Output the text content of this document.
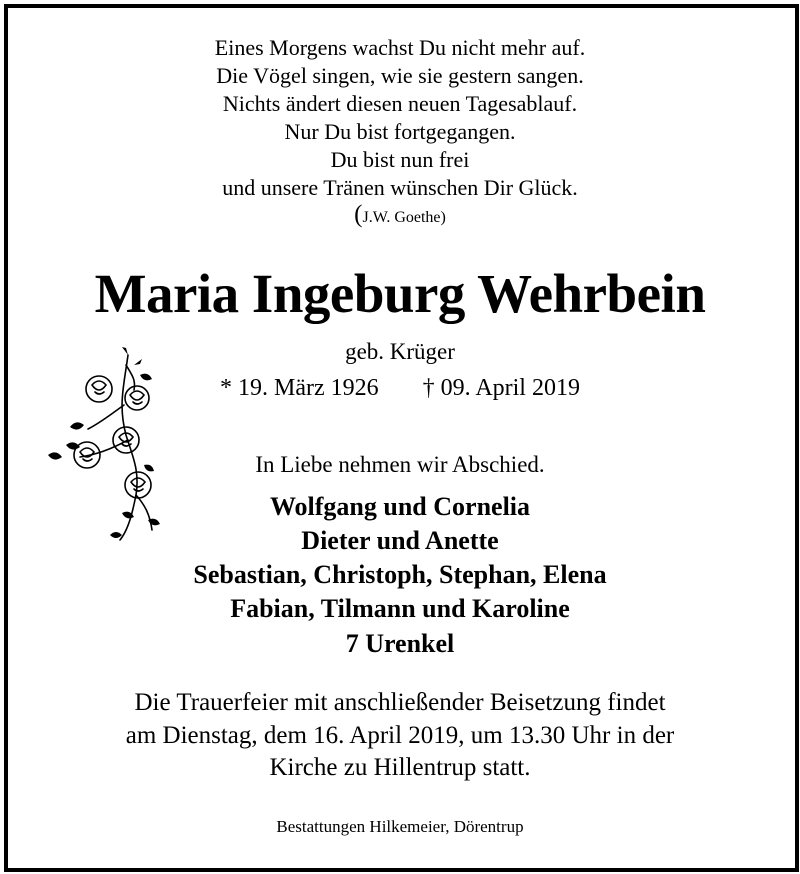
Eines Morgens wachst Du nicht mehr auf.
Die Vögel singen, wie sie gestern sangen.
Nichts ändert diesen neuen Tagesablauf.
Nur Du bist fortgegangen.
Du bist nun frei
und unsere Tränen wünschen Dir Glück.
(J.W. Goethe)
Maria Ingeburg Wehrbein
geb. Krüger
* 19. März 1926 † 09. April 2019
In Liebe nehmen wir Abschied.
Wolfgang und Cornelia
Dieter und Anette
Sebastian, Christoph, Stephan, Elena
Fabian, Tilmann und Karoline
7 Urenkel
Die Trauerfeier mit anschließender Beisetzung findet
am Dienstag, dem 16. April 2019, um 13.30 Uhr in der
Kirche zu Hillentrup statt.
Bestattungen Hilkemeier, Dörentrup
